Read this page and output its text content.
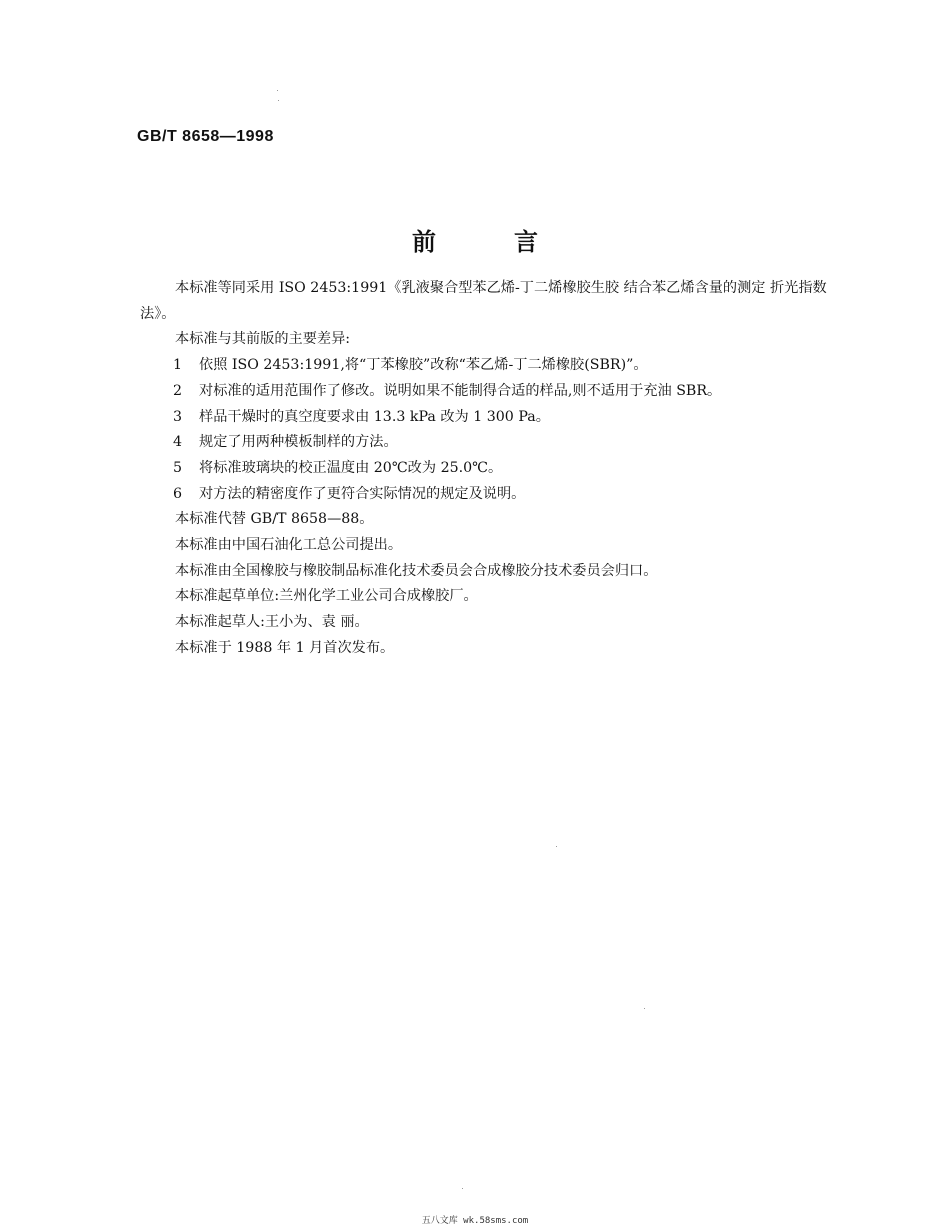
GB/T 8658—1998
前	言

本标准等同采用 ISO 2453:1991《乳液聚合型苯乙烯-丁二烯橡胶生胶 结合苯乙烯含量的测定 折光指数法》。

本标准与其前版的主要差异:

1	依照 ISO 2453:1991,将“丁苯橡胶”改称“苯乙烯-丁二烯橡胶(SBR)”。
2	对标准的适用范围作了修改。说明如果不能制得合适的样品,则不适用于充油 SBR。
3	样品干燥时的真空度要求由 13.3 kPa 改为 1 300 Pa。
4	规定了用两种模板制样的方法。
5	将标准玻璃块的校正温度由 20℃改为 25.0℃。
6	对方法的精密度作了更符合实际情况的规定及说明。

本标准代替 GB/T 8658—88。

本标准由中国石油化工总公司提出。

本标准由全国橡胶与橡胶制品标准化技术委员会合成橡胶分技术委员会归口。

本标准起草单位:兰州化学工业公司合成橡胶厂。

本标准起草人:王小为、袁 丽。

本标准于 1988 年 1 月首次发布。

五八文库 wk.58sms.com
